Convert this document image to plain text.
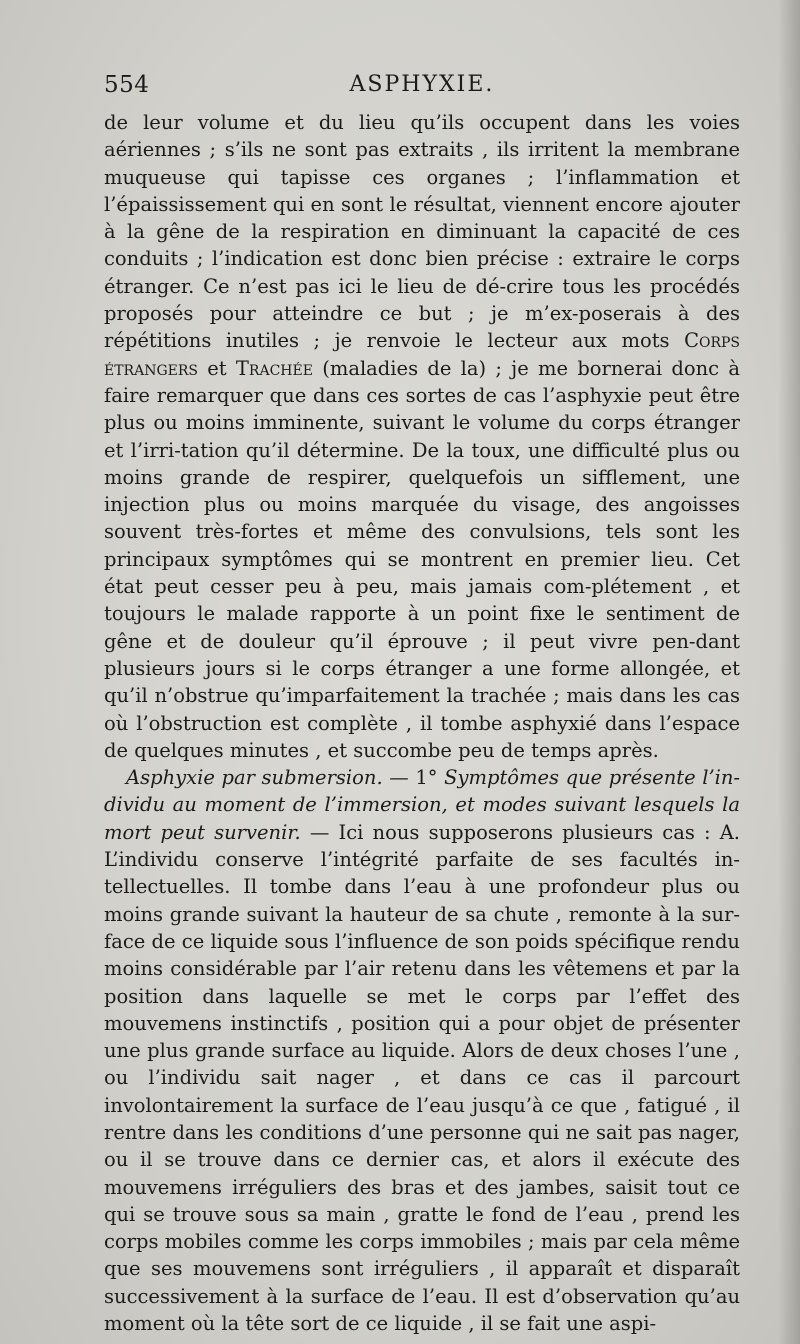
554	ASPHYXIE.

de leur volume et du lieu qu’ils occupent dans les voies aériennes ; s’ils ne sont pas extraits , ils irritent la membrane muqueuse qui tapisse ces organes ; l’inflammation et l’épaississement qui en sont le résultat, viennent encore ajouter à la gêne de la respiration en diminuant la capacité de ces conduits ; l’indication est donc bien précise : extraire le corps étranger. Ce n’est pas ici le lieu de dé-crire tous les procédés proposés pour atteindre ce but ; je m’ex-poserais à des répétitions inutiles ; je renvoie le lecteur aux mots Corps étrangers et Trachée (maladies de la) ; je me bornerai donc à faire remarquer que dans ces sortes de cas l’asphyxie peut être plus ou moins imminente, suivant le volume du corps étranger et l’irri-tation qu’il détermine. De la toux, une difficulté plus ou moins grande de respirer, quelquefois un sifflement, une injection plus ou moins marquée du visage, des angoisses souvent très-fortes et même des convulsions, tels sont les principaux symptômes qui se montrent en premier lieu. Cet état peut cesser peu à peu, mais jamais com-plétement , et toujours le malade rapporte à un point fixe le sentiment de gêne et de douleur qu’il éprouve ; il peut vivre pen-dant plusieurs jours si le corps étranger a une forme allongée, et qu’il n’obstrue qu’imparfaitement la trachée ; mais dans les cas où l’obstruction est complète , il tombe asphyxié dans l’espace de quelques minutes , et succombe peu de temps après.

Asphyxie par submersion. — 1° Symptômes que présente l’in-dividu au moment de l’immersion, et modes suivant lesquels la mort peut survenir. — Ici nous supposerons plusieurs cas : A. L’individu conserve l’intégrité parfaite de ses facultés in-tellectuelles. Il tombe dans l’eau à une profondeur plus ou moins grande suivant la hauteur de sa chute , remonte à la sur-face de ce liquide sous l’influence de son poids spécifique rendu moins considérable par l’air retenu dans les vêtemens et par la position dans laquelle se met le corps par l’effet des mouvemens instinctifs , position qui a pour objet de présenter une plus grande surface au liquide. Alors de deux choses l’une , ou l’individu sait nager , et dans ce cas il parcourt involontairement la surface de l’eau jusqu’à ce que , fatigué , il rentre dans les conditions d’une personne qui ne sait pas nager, ou il se trouve dans ce dernier cas, et alors il exécute des mouvemens irréguliers des bras et des jambes, saisit tout ce qui se trouve sous sa main , gratte le fond de l’eau , prend les corps mobiles comme les corps immobiles ; mais par cela même que ses mouvemens sont irréguliers , il apparaît et disparaît successivement à la surface de l’eau. Il est d’observation qu’au moment où la tête sort de ce liquide , il se fait une aspi-
